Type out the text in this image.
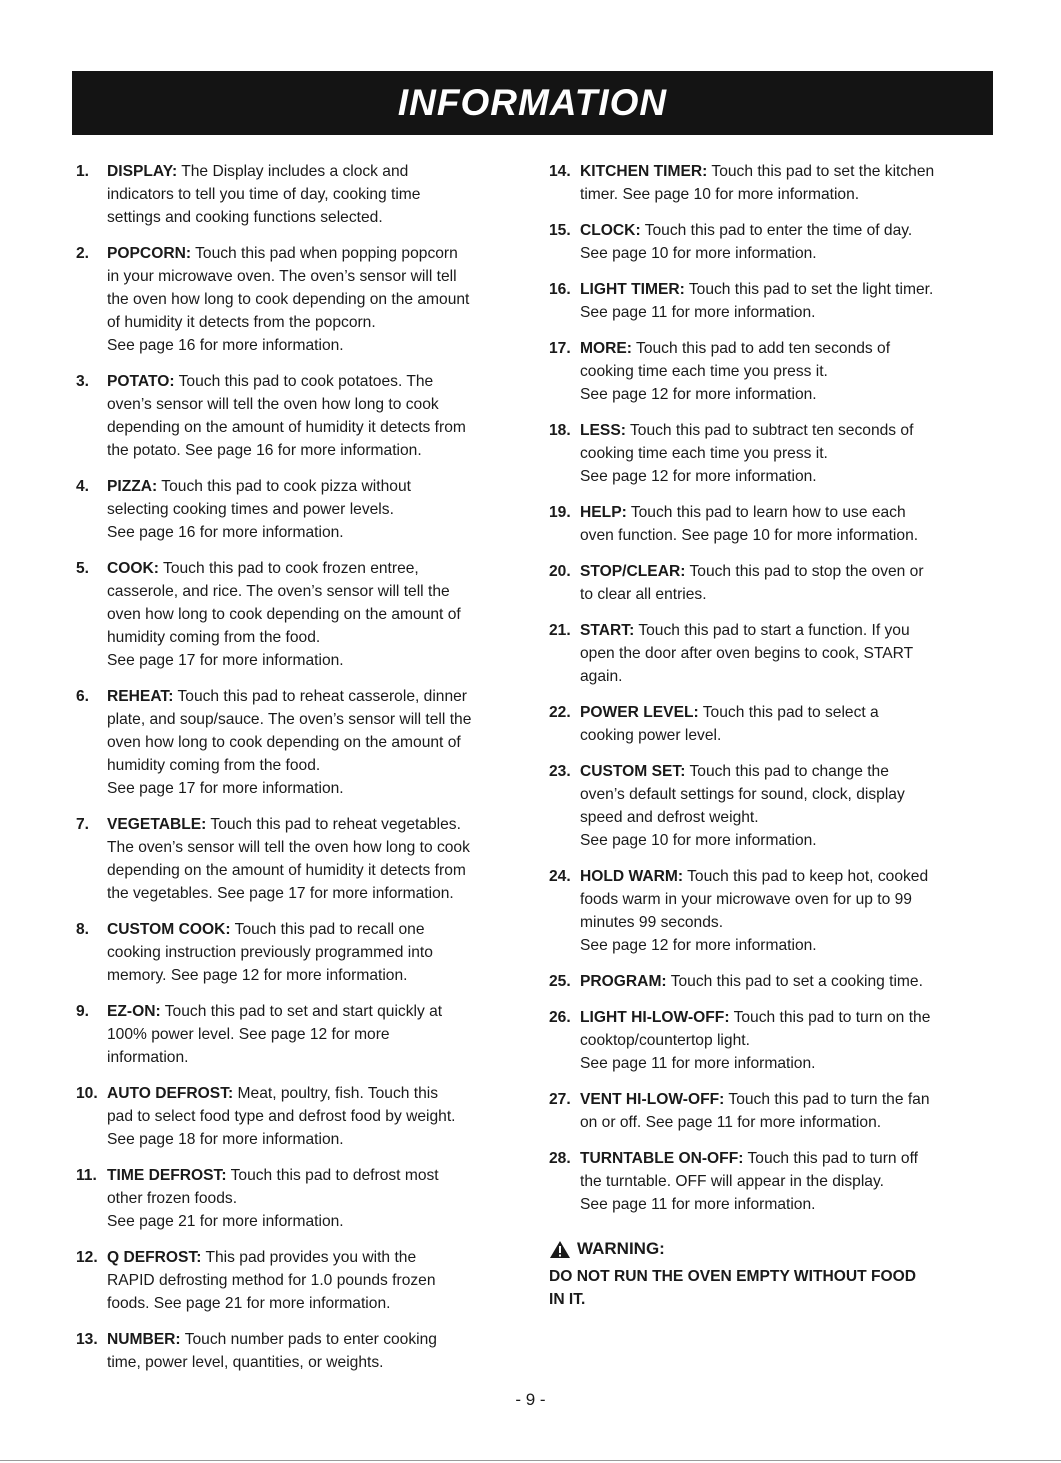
INFORMATION
1. DISPLAY: The Display includes a clock and
indicators to tell you time of day, cooking time
settings and cooking functions selected.
2. POPCORN: Touch this pad when popping popcorn
in your microwave oven. The oven’s sensor will tell
the oven how long to cook depending on the amount
of humidity it detects from the popcorn.
See page 16 for more information.
3. POTATO: Touch this pad to cook potatoes. The
oven’s sensor will tell the oven how long to cook
depending on the amount of humidity it detects from
the potato. See page 16 for more information.
4. PIZZA: Touch this pad to cook pizza without
selecting cooking times and power levels.
See page 16 for more information.
5. COOK: Touch this pad to cook frozen entree,
casserole, and rice. The oven’s sensor will tell the
oven how long to cook depending on the amount of
humidity coming from the food.
See page 17 for more information.
6. REHEAT: Touch this pad to reheat casserole, dinner
plate, and soup/sauce. The oven’s sensor will tell the
oven how long to cook depending on the amount of
humidity coming from the food.
See page 17 for more information.
7. VEGETABLE: Touch this pad to reheat vegetables.
The oven’s sensor will tell the oven how long to cook
depending on the amount of humidity it detects from
the vegetables. See page 17 for more information.
8. CUSTOM COOK: Touch this pad to recall one
cooking instruction previously programmed into
memory. See page 12 for more information.
9. EZ-ON: Touch this pad to set and start quickly at
100% power level. See page 12 for more
information.
10. AUTO DEFROST: Meat, poultry, fish. Touch this
pad to select food type and defrost food by weight.
See page 18 for more information.
11. TIME DEFROST: Touch this pad to defrost most
other frozen foods.
See page 21 for more information.
12. Q DEFROST: This pad provides you with the
RAPID defrosting method for 1.0 pounds frozen
foods. See page 21 for more information.
13. NUMBER: Touch number pads to enter cooking
time, power level, quantities, or weights.
14. KITCHEN TIMER: Touch this pad to set the kitchen
timer. See page 10 for more information.
15. CLOCK: Touch this pad to enter the time of day.
See page 10 for more information.
16. LIGHT TIMER: Touch this pad to set the light timer.
See page 11 for more information.
17. MORE: Touch this pad to add ten seconds of
cooking time each time you press it.
See page 12 for more information.
18. LESS: Touch this pad to subtract ten seconds of
cooking time each time you press it.
See page 12 for more information.
19. HELP: Touch this pad to learn how to use each
oven function. See page 10 for more information.
20. STOP/CLEAR: Touch this pad to stop the oven or
to clear all entries.
21. START: Touch this pad to start a function. If you
open the door after oven begins to cook, START
again.
22. POWER LEVEL: Touch this pad to select a
cooking power level.
23. CUSTOM SET: Touch this pad to change the
oven’s default settings for sound, clock, display
speed and defrost weight.
See page 10 for more information.
24. HOLD WARM: Touch this pad to keep hot, cooked
foods warm in your microwave oven for up to 99
minutes 99 seconds.
See page 12 for more information.
25. PROGRAM: Touch this pad to set a cooking time.
26. LIGHT HI-LOW-OFF: Touch this pad to turn on the
cooktop/countertop light.
See page 11 for more information.
27. VENT HI-LOW-OFF: Touch this pad to turn the fan
on or off. See page 11 for more information.
28. TURNTABLE ON-OFF: Touch this pad to turn off
the turntable. OFF will appear in the display.
See page 11 for more information.
WARNING:
DO NOT RUN THE OVEN EMPTY WITHOUT FOOD
IN IT.
- 9 -
